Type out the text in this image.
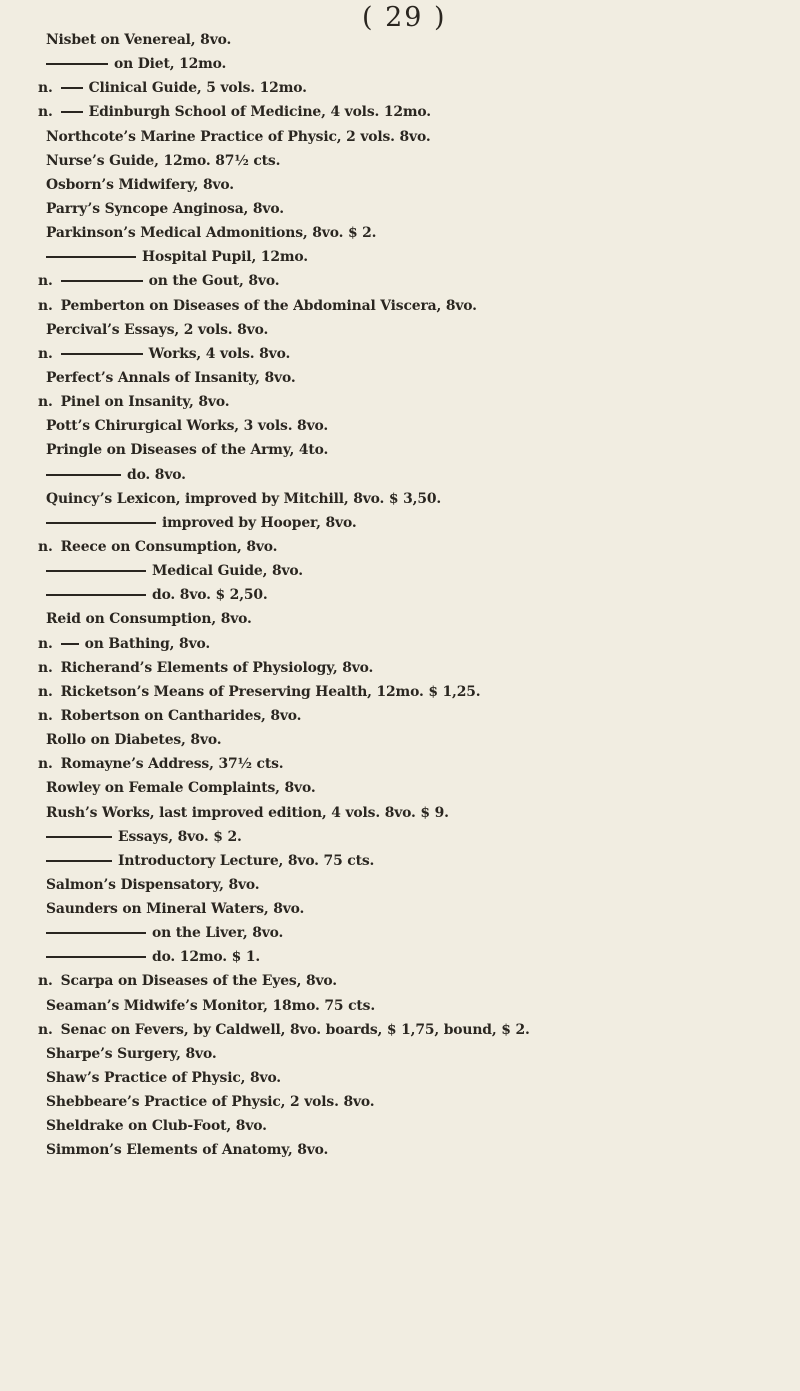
( 29 )
Nisbet on Venereal, 8vo.
on Diet, 12mo.
n.	Clinical Guide, 5 vols. 12mo.
n.	Edinburgh School of Medicine, 4 vols. 12mo.
Northcote’s Marine Practice of Physic, 2 vols. 8vo.
Nurse’s Guide, 12mo. 87½ cts.
Osborn’s Midwifery, 8vo.
Parry’s Syncope Anginosa, 8vo.
Parkinson’s Medical Admonitions, 8vo. $ 2.
Hospital Pupil, 12mo.
n.	on the Gout, 8vo.
n. Pemberton on Diseases of the Abdominal Viscera, 8vo.
Percival’s Essays, 2 vols. 8vo.
n.	Works, 4 vols. 8vo.
Perfect’s Annals of Insanity, 8vo.
n. Pinel on Insanity, 8vo.
Pott’s Chirurgical Works, 3 vols. 8vo.
Pringle on Diseases of the Army, 4to.
do. 8vo.
Quincy’s Lexicon, improved by Mitchill, 8vo. $ 3,50.
improved by Hooper, 8vo.
n. Reece on Consumption, 8vo.
Medical Guide, 8vo.
do. 8vo. $ 2,50.
Reid on Consumption, 8vo.
n. on Bathing, 8vo.
n. Richerand’s Elements of Physiology, 8vo.
n. Ricketson’s Means of Preserving Health, 12mo. $ 1,25.
n. Robertson on Cantharides, 8vo.
Rollo on Diabetes, 8vo.
n. Romayne’s Address, 37½ cts.
Rowley on Female Complaints, 8vo.
Rush’s Works, last improved edition, 4 vols. 8vo. $ 9.
Essays, 8vo. $ 2.
Introductory Lecture, 8vo. 75 cts.
Salmon’s Dispensatory, 8vo.
Saunders on Mineral Waters, 8vo.
on the Liver, 8vo.
do. 12mo. $ 1.
n. Scarpa on Diseases of the Eyes, 8vo.
Seaman’s Midwife’s Monitor, 18mo. 75 cts.
n. Senac on Fevers, by Caldwell, 8vo. boards, $ 1,75, bound, $ 2.
Sharpe’s Surgery, 8vo.
Shaw’s Practice of Physic, 8vo.
Shebbeare’s Practice of Physic, 2 vols. 8vo.
Sheldrake on Club-Foot, 8vo.
Simmon’s Elements of Anatomy, 8vo.
